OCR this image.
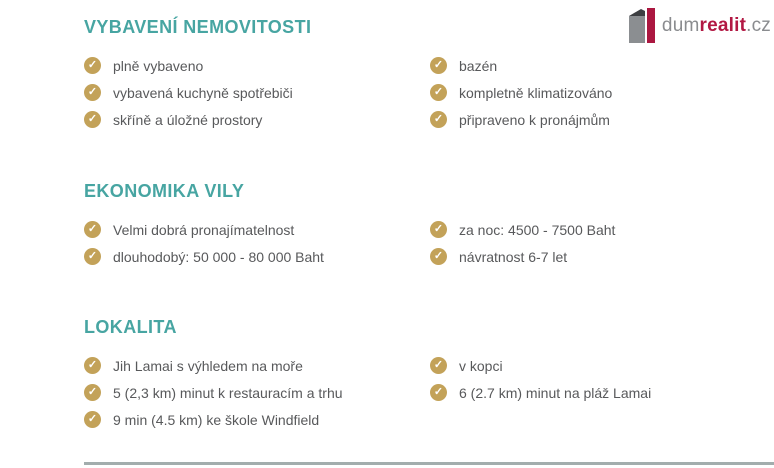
dumrealit.cz
VYBAVENÍ NEMOVITOSTI
✓ plně vybaveno
✓ vybavená kuchyně spotřebiči
✓ skříně a úložné prostory
✓ bazén
✓ kompletně klimatizováno
✓ připraveno k pronájmům
EKONOMIKA VILY
✓ Velmi dobrá pronajímatelnost
✓ dlouhodobý: 50 000 - 80 000 Baht
✓ za noc: 4500 - 7500 Baht
✓ návratnost 6-7 let
LOKALITA
✓ Jih Lamai s výhledem na moře
✓ 5 (2,3 km) minut k restauracím a trhu
✓ 9 min (4.5 km) ke škole Windfield
✓ v kopci
✓ 6 (2.7 km) minut na pláž Lamai
